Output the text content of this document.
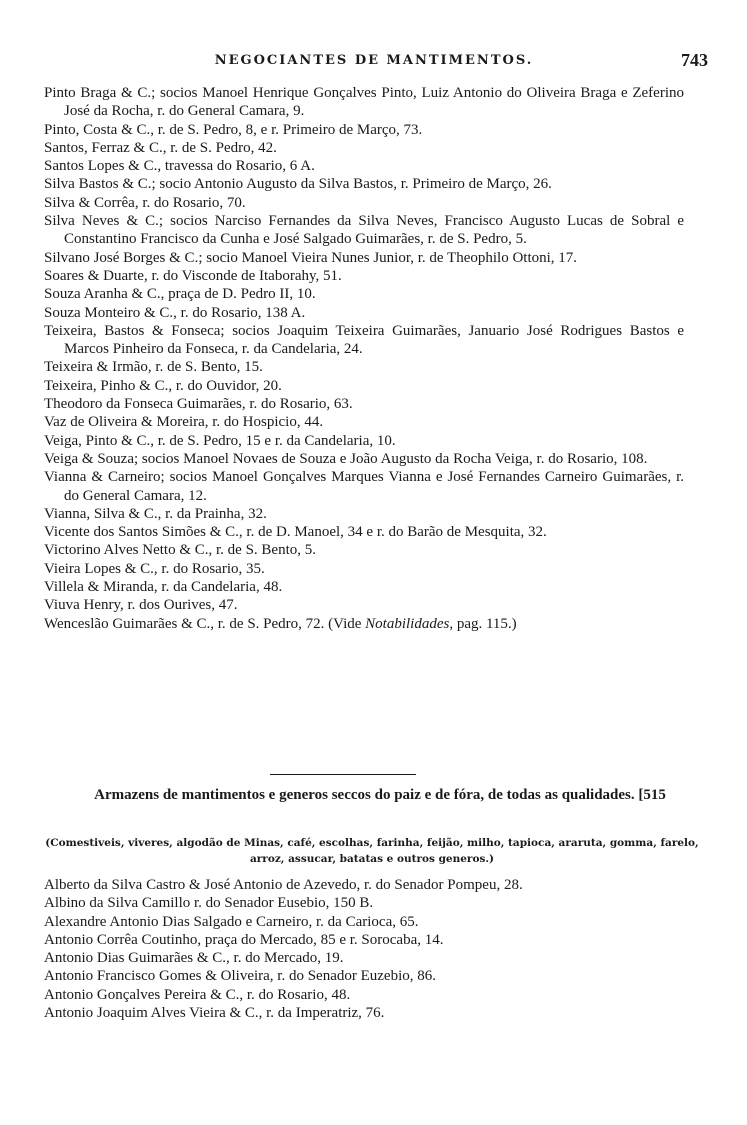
NEGOCIANTES DE MANTIMENTOS.	743
Pinto Braga & C.; socios Manoel Henrique Gonçalves Pinto, Luiz Antonio do Oliveira Braga e Zeferino José da Rocha, r. do General Camara, 9.
Pinto, Costa & C., r. de S. Pedro, 8, e r. Primeiro de Março, 73.
Santos, Ferraz & C., r. de S. Pedro, 42.
Santos Lopes & C., travessa do Rosario, 6 A.
Silva Bastos & C.; socio Antonio Augusto da Silva Bastos, r. Primeiro de Março, 26.
Silva & Corrêa, r. do Rosario, 70.
Silva Neves & C.; socios Narciso Fernandes da Silva Neves, Francisco Augusto Lucas de Sobral e Constantino Francisco da Cunha e José Salgado Guimarães, r. de S. Pedro, 5.
Silvano José Borges & C.; socio Manoel Vieira Nunes Junior, r. de Theophilo Ottoni, 17.
Soares & Duarte, r. do Visconde de Itaborahy, 51.
Souza Aranha & C., praça de D. Pedro II, 10.
Souza Monteiro & C., r. do Rosario, 138 A.
Teixeira, Bastos & Fonseca; socios Joaquim Teixeira Guimarães, Januario José Rodrigues Bastos e Marcos Pinheiro da Fonseca, r. da Candelaria, 24.
Teixeira & Irmão, r. de S. Bento, 15.
Teixeira, Pinho & C., r. do Ouvidor, 20.
Theodoro da Fonseca Guimarães, r. do Rosario, 63.
Vaz de Oliveira & Moreira, r. do Hospicio, 44.
Veiga, Pinto & C., r. de S. Pedro, 15 e r. da Candelaria, 10.
Veiga & Souza; socios Manoel Novaes de Souza e João Augusto da Rocha Veiga, r. do Rosario, 108.
Vianna & Carneiro; socios Manoel Gonçalves Marques Vianna e José Fernandes Carneiro Guimarães, r. do General Camara, 12.
Vianna, Silva & C., r. da Prainha, 32.
Vicente dos Santos Simões & C., r. de D. Manoel, 34 e r. do Barão de Mesquita, 32.
Victorino Alves Netto & C., r. de S. Bento, 5.
Vieira Lopes & C., r. do Rosario, 35.
Villela & Miranda, r. da Candelaria, 48.
Viuva Henry, r. dos Ourives, 47.
Wenceslão Guimarães & C., r. de S. Pedro, 72. (Vide Notabilidades, pag. 115.)
Armazens de mantimentos e generos seccos do paiz e de fóra, de todas as qualidades. [515
(Comestiveis, viveres, algodão de Minas, café, escolhas, farinha, feijão, milho, tapioca, araruta, gomma, farelo, arroz, assucar, batatas e outros generos.)
Alberto da Silva Castro & José Antonio de Azevedo, r. do Senador Pompeu, 28.
Albino da Silva Camillo r. do Senador Eusebio, 150 B.
Alexandre Antonio Dias Salgado e Carneiro, r. da Carioca, 65.
Antonio Corrêa Coutinho, praça do Mercado, 85 e r. Sorocaba, 14.
Antonio Dias Guimarães & C., r. do Mercado, 19.
Antonio Francisco Gomes & Oliveira, r. do Senador Euzebio, 86.
Antonio Gonçalves Pereira & C., r. do Rosario, 48.
Antonio Joaquim Alves Vieira & C., r. da Imperatriz, 76.
